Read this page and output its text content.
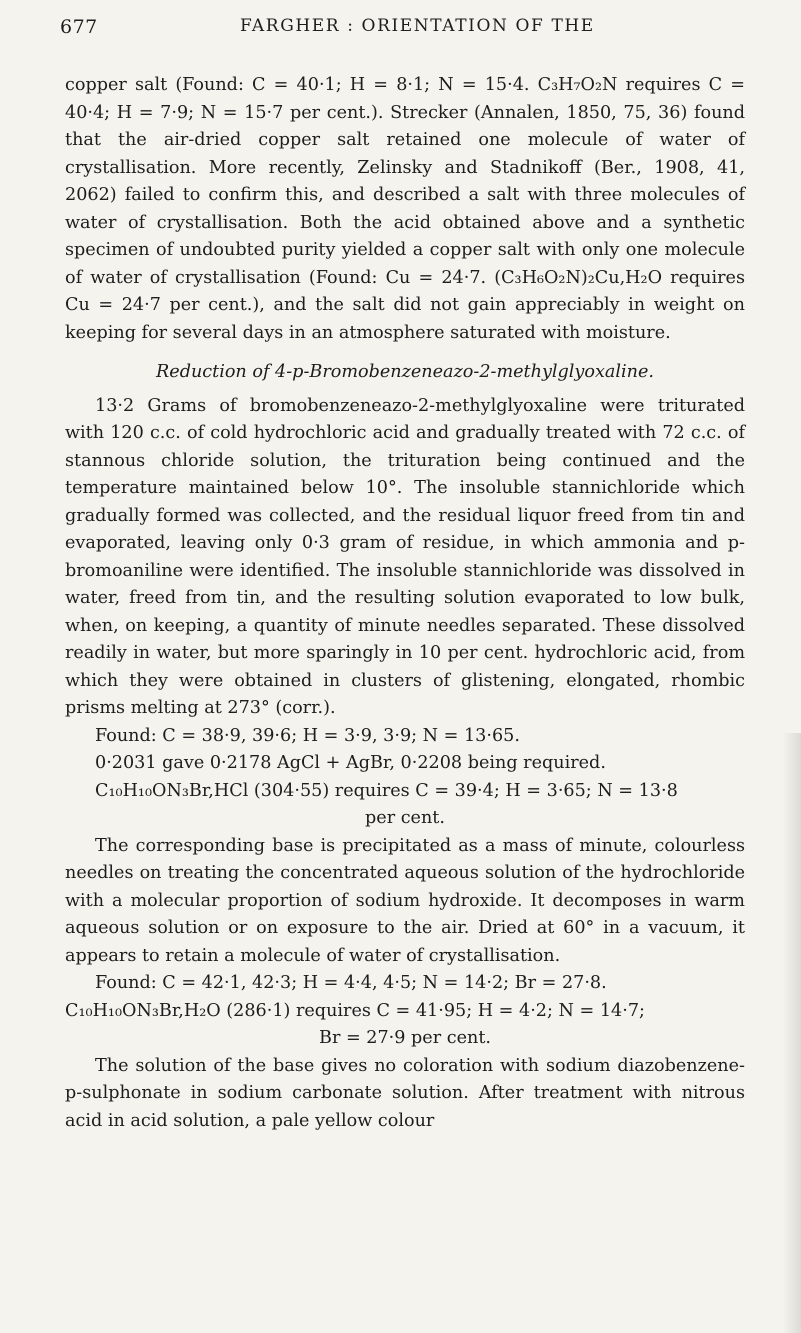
677	FARGHER : ORIENTATION OF THE

copper salt (Found: C = 40·1; H = 8·1; N = 15·4. C₃H₇O₂N requires C = 40·4; H = 7·9; N = 15·7 per cent.). Strecker (Annalen, 1850, 75, 36) found that the air-dried copper salt retained one molecule of water of crystallisation. More recently, Zelinsky and Stadnikoff (Ber., 1908, 41, 2062) failed to confirm this, and described a salt with three molecules of water of crystallisation. Both the acid obtained above and a synthetic specimen of undoubted purity yielded a copper salt with only one molecule of water of crystallisation (Found: Cu = 24·7. (C₃H₆O₂N)₂Cu,H₂O requires Cu = 24·7 per cent.), and the salt did not gain appreciably in weight on keeping for several days in an atmosphere saturated with moisture.

Reduction of 4-p-Bromobenzeneazo-2-methylglyoxaline.

13·2 Grams of bromobenzeneazo-2-methylglyoxaline were triturated with 120 c.c. of cold hydrochloric acid and gradually treated with 72 c.c. of stannous chloride solution, the trituration being continued and the temperature maintained below 10°. The insoluble stannichloride which gradually formed was collected, and the residual liquor freed from tin and evaporated, leaving only 0·3 gram of residue, in which ammonia and p-bromoaniline were identified. The insoluble stannichloride was dissolved in water, freed from tin, and the resulting solution evaporated to low bulk, when, on keeping, a quantity of minute needles separated. These dissolved readily in water, but more sparingly in 10 per cent. hydrochloric acid, from which they were obtained in clusters of glistening, elongated, rhombic prisms melting at 273° (corr.).

Found: C = 38·9, 39·6; H = 3·9, 3·9; N = 13·65.

0·2031 gave 0·2178 AgCl + AgBr, 0·2208 being required.

C₁₀H₁₀ON₃Br,HCl (304·55) requires C = 39·4; H = 3·65; N = 13·8

per cent.

The corresponding base is precipitated as a mass of minute, colourless needles on treating the concentrated aqueous solution of the hydrochloride with a molecular proportion of sodium hydroxide. It decomposes in warm aqueous solution or on exposure to the air. Dried at 60° in a vacuum, it appears to retain a molecule of water of crystallisation.

Found: C = 42·1, 42·3; H = 4·4, 4·5; N = 14·2; Br = 27·8.

C₁₀H₁₀ON₃Br,H₂O (286·1) requires C = 41·95; H = 4·2; N = 14·7;

Br = 27·9 per cent.

The solution of the base gives no coloration with sodium diazobenzene-p-sulphonate in sodium carbonate solution. After treatment with nitrous acid in acid solution, a pale yellow colour
